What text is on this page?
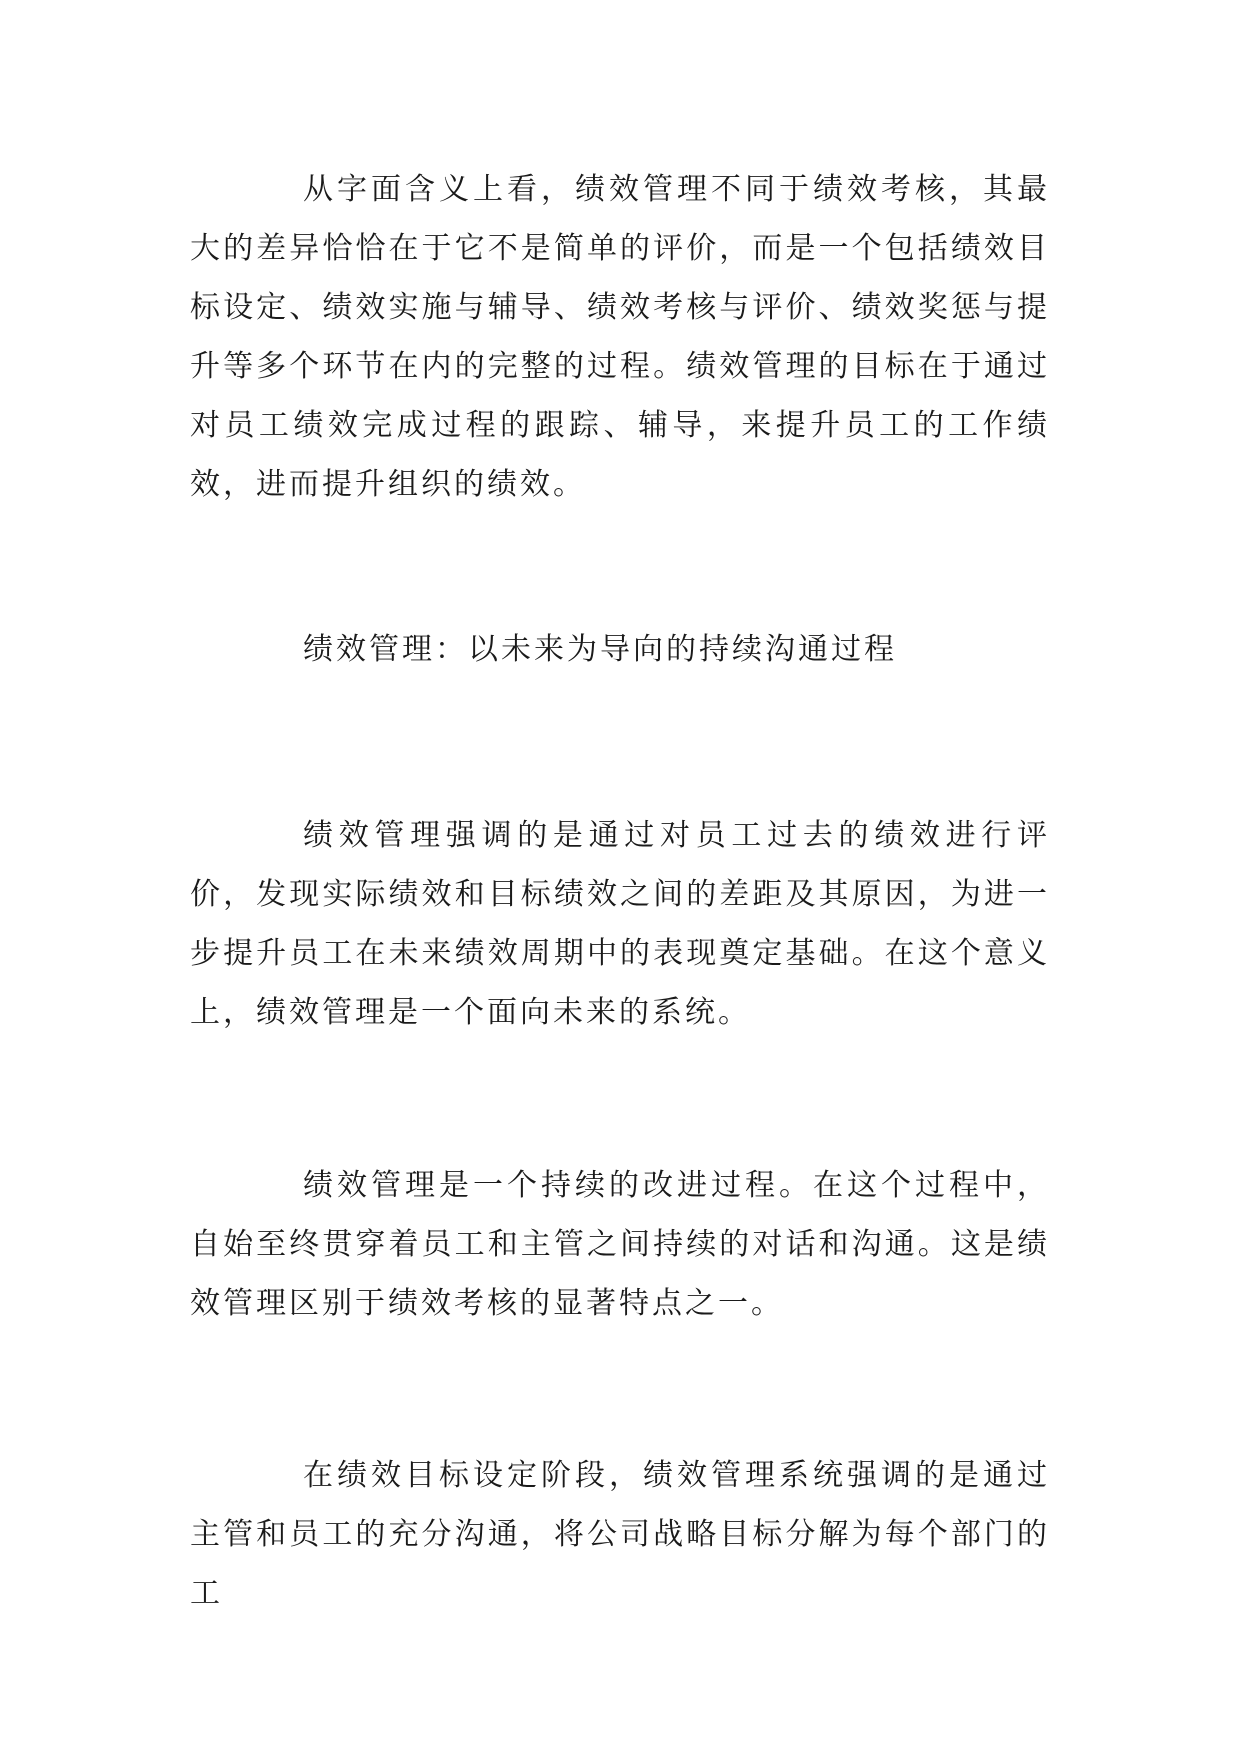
从字面含义上看，绩效管理不同于绩效考核，其最大的差异恰恰在于它不是简单的评价，而是一个包括绩效目标设定、绩效实施与辅导、绩效考核与评价、绩效奖惩与提升等多个环节在内的完整的过程。绩效管理的目标在于通过对员工绩效完成过程的跟踪、辅导，来提升员工的工作绩效，进而提升组织的绩效。

绩效管理：以未来为导向的持续沟通过程

绩效管理强调的是通过对员工过去的绩效进行评价，发现实际绩效和目标绩效之间的差距及其原因，为进一步提升员工在未来绩效周期中的表现奠定基础。在这个意义上，绩效管理是一个面向未来的系统。

绩效管理是一个持续的改进过程。在这个过程中，自始至终贯穿着员工和主管之间持续的对话和沟通。这是绩效管理区别于绩效考核的显著特点之一。

在绩效目标设定阶段，绩效管理系统强调的是通过主管和员工的充分沟通，将公司战略目标分解为每个部门的工
